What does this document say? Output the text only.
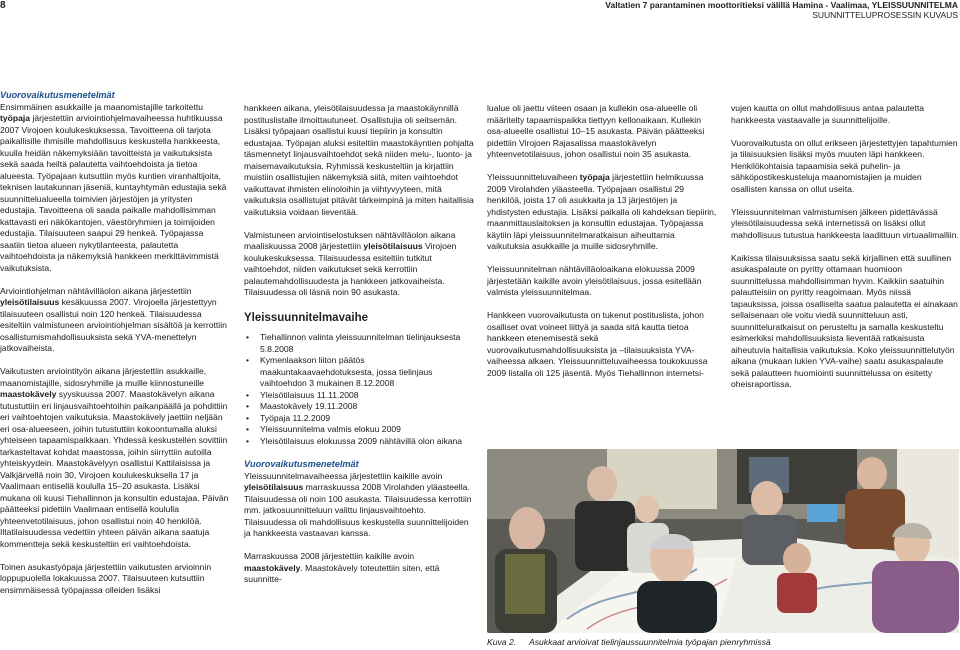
8	Valtatien 7 parantaminen moottoritieksi välillä Hamina - Vaalimaa, YLEISSUUNNITELMA
SUUNNITTELUPROSESSIN KUVAUS
Vuorovaikutusmenetelmät

Ensimmäinen asukkaille ja maanomistajille tarkoitettu työpaja järjestettiin arviointiohjelmavaiheessa huhtikuussa 2007 Virojoen koulukeskuksessa. Tavoitteena oli tarjota paikallisille ihmisille mahdollisuus keskustella hankkeesta, kuulla heidän näkemyksiään tavoitteista ja vaikutuksista sekä saada heiltä palautetta vaihtoehdoista ja tietoa alueesta. Työpajaan kutsuttiin myös kuntien viranhaltijoita, teknisen lautakunnan jäseniä, kuntayhtymän edustajia sekä suunnittelualueella toimivien järjestöjen ja yritysten edustajia. Tavoitteena oli saada paikalle mahdollisimman kattavasti eri näkökantojen, väestöryhmien ja toimijoiden edustajia. Tilaisuuteen saapui 29 henkeä. Työpajassa saatiin tietoa alueen nykytilanteesta, palautetta vaihtoehdoista ja näkemyksiä hankkeen merkittävimmistä vaikutuksista.

Arviointiohjelman nähtävilläolon aikana järjestettiin yleisötilaisuus kesäkuussa 2007. Virojoella järjestettyyn tilaisuuteen osallistui noin 120 henkeä. Tilaisuudessa esiteltiin valmistuneen arviointiohjelman sisältöä ja kerrottiin osallistumismahdollisuuksista sekä YVA-menettelyn jatkovaiheista.

Vaikutusten arviointityön aikana järjestettiin asukkaille, maanomistajille, sidosryhmille ja muille kiinnostuneille maastokävely syyskuussa 2007. Maastokävelyn aikana tutustuttiin eri linjausvaihtoehtoihin paikanpäällä ja pohdittiin eri vaihtoehtojen vaikutuksia. Maastokävely jaettiin neljään eri osa-alueeseen, joihin tutustuttiin kokoontumalla aluksi yhteiseen tapaamispaikkaan. Yhdessä keskustellen sovittiin tarkasteltavat kohdat maastossa, joihin siirryttiin autoilla yhteiskyydein. Maastokävelyyn osallistui Kattilaisissa ja Valkjärvellä noin 30, Virojoen koulukeskuksella 17 ja Vaalimaan entisellä koululla 15–20 asukasta. Lisäksi mukana oli kuusi Tiehallinnon ja konsultin edustajaa. Päivän päätteeksi pidettiin Vaalimaan entisellä koululla yhteenvetotilaisuus, johon osallistui noin 40 henkilöä. Iltatilaisuudessa vedettiin yhteen päivän aikana saatuja kommentteja sekä keskusteltiin eri vaihtoehdoista.

Toinen asukastyöpaja järjestettiin vaikutusten arvioinnin loppupuolella lokakuussa 2007. Tilaisuuteen kutsuttiin ensimmäisessä työpajassa olleiden lisäksi

hankkeen aikana, yleisötilaisuudessa ja maastokäynnillä postituslistalle ilmoittautuneet. Osallistujia oli seitsemän. Lisäksi työpajaan osallistui kuusi tiepiirin ja konsultin edustajaa. Työpajan aluksi esiteltiin maastokäyntien pohjalta täsmennetyt linjausvaihtoehdot sekä niiden melu-, luonto- ja maisemavaikutuksia. Ryhmissä keskusteltiin ja kirjattiin muistiin osallistujien näkemyksiä siitä, miten vaihtoehdot vaikuttavat ihmisten elinoloihin ja viihtyvyyteen, mitä vaikutuksia osallistujat pitävät tärkeimpinä ja miten haitallisia vaikutuksia voidaan lieventää.

Valmistuneen arviointiselostuksen nähtävilläolon aikana maaliskuussa 2008 järjestettiin yleisötilaisuus Virojoen koulukeskuksessa. Tilaisuudessa esiteltiin tutkitut vaihtoehdot, niiden vaikutukset sekä kerrottiin palautemahdollisuudesta ja hankkeen jatkovaiheista. Tilaisuudessa oli läsnä noin 90 asukasta.

Yleissuunnitelmavaihe
• Tiehallinnon valinta yleissuunnitelman tielinjauksesta 5.8.2008
• Kymenlaakson liiton päätös maakuntakaavaehdotuksesta, jossa tielinjaus vaihtoehdon 3 mukainen 8.12.2008
• Yleisötilaisuus 11.11.2008
• Maastokävely 19.11.2008
• Työpaja 11.2.2009
• Yleissuunnitelma valmis elokuu 2009
• Yleisötilaisuus elokuussa 2009 nähtävillä olon aikana
Vuorovaikutusmenetelmät

Yleissuunnitelmavaiheessa järjestettiin kaikille avoin yleisötilaisuus marraskuussa 2008 Virolahden yläasteella. Tilaisuudessa oli noin 100 asukasta. Tilaisuudessa kerrottiin mm. jatkosuunnitteluun valittu linjausvaihtoehto. Tilaisuudessa oli mahdollisuus keskustella suunnittelijoiden ja hankkeesta vastaavan kanssa.

Marraskuussa 2008 järjestettiin kaikille avoin maastokävely. Maastokävely toteutettiin siten, että suunnitte-

lualue oli jaettu viiteen osaan ja kullekin osa-alueelle oli määritelty tapaamispaikka tiettyyn kellonaikaan. Kullekin osa-alueelle osallistui 10–15 asukasta. Päivän päätteeksi pidettiin Virojoen Rajasalissa maastokävelyn yhteenvetotilaisuus, johon osallistui noin 35 asukasta.

Yleissuunnitteluvaiheen työpaja järjestettiin helmikuussa 2009 Virolahden yläasteella. Työpajaan osallistui 29 henkilöä, joista 17 oli asukkaita ja 13 järjestöjen ja yhdistysten edustajia. Lisäksi paikalla oli kahdeksan tiepiirin, maanmittauslaitoksen ja konsultin edustajaa. Työpajassa käytiin läpi yleissuunnitelmaratkaisun aiheuttamia vaikutuksia asukkaille ja muille sidosryhmille.

Yleissuunnitelman nähtävilläoloaikana elokuussa 2009 järjestetään kaikille avoin yleisötilaisuus, jossa esitellään valmista yleissuunnitelmaa.

Hankkeen vuorovaikutusta on tukenut postituslista, johon osalliset ovat voineet liittyä ja saada sitä kautta tietoa hankkeen etenemisestä sekä vuorovaikutusmahdollisuuksista ja –tilaisuuksista YVA-vaiheessa alkaen. Yleissuunnitteluvaiheessa toukokuussa 2009 listalla oli 125 jäsentä. Myös Tiehallinnon internetsi-

vujen kautta on ollut mahdollisuus antaa palautetta hankkeesta vastaavalle ja suunnittelijoille.

Vuorovaikutusta on ollut erikseen järjestettyjen tapahtumien ja tilaisuuksien lisäksi myös muuten läpi hankkeen. Henkilökohtaisia tapaamisia sekä puhelin- ja sähköpostikeskusteluja maanomistajien ja muiden osallisten kanssa on ollut useita.

Yleissuunnitelman valmistumisen jälkeen pidettävässä yleisötilaisuudessa sekä internetissä on lisäksi ollut mahdollisuus tutustua hankkeesta laadittuun virtuaalimalliin.

Kaikissa tilaisuuksissa saatu sekä kirjallinen että suullinen asukaspalaute on pyritty ottamaan huomioon suunnittelussa mahdollisimman hyvin. Kaikkiin saatuihin palautteisiin on pyritty reagoimaan. Myös niissä tapauksissa, joissa osalliselta saatua palautetta ei ainakaan sellaisenaan ole voitu viedä suunnitteluun asti, suunnitteluratkaisut on perusteltu ja samalla keskusteltu esimerkiksi mahdollisuuksista lieventää ratkaisusta aiheutuvia haitallisia vaikutuksia. Koko yleissuunnittelutyön aikana (mukaan lukien YVA-vaihe) saatu asukaspalaute sekä palautteen huomiointi suunnittelussa on esitetty oheisraportissa.

Kuva 2. Asukkaat arvioivat tielinjaussuunnitelmia työpajan pienryhmissä
